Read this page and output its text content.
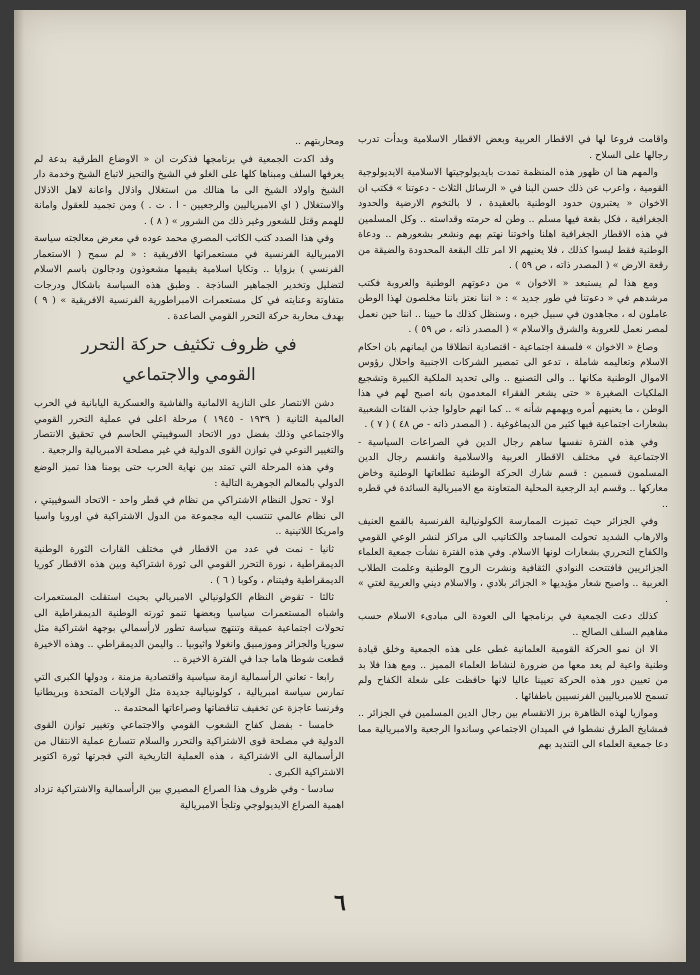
واقامت فروعا لها في الاقطار العربية وبعض الاقطار الاسلامية وبدأت تدرب رجالها على السلاح .

والمهم هنا ان ظهور هذه المنظمة تمدت بايديولوجيتها الاسلامية الايديولوجية القومية ، واعرب عن ذلك حسن البنا في « الرسائل الثلاث - دعوتنا » فكتب ان الاخوان « يعتبرون حدود الوطنية بالعقيدة ، لا بالتخوم الارضية والحدود الجغرافية ، فكل بقعة فيها مسلم .. وطن له حرمته وقداسته .. وكل المسلمين في هذه الاقطار الجغرافية اهلنا واخوتنا نهتم بهم ونشعر بشعورهم .. ودعاة الوطنية فقط ليسوا كذلك ، فلا يعنيهم الا امر تلك البقعة المحدودة والضيقة من رقعة الارض » ( المصدر ذاته ، ص ٥٩ ) .

ومع هذا لم يستبعد « الاخوان » من دعوتهم الوطنية والعروبة فكتب مرشدهم في « دعوتنا في طور جديد » : « اننا نعتز باننا مخلصون لهذا الوطن عاملون له ، مجاهدون في سبيل خيره ، وسنظل كذلك ما حيينا .. اننا حين نعمل لمصر نعمل للعروبة والشرق والاسلام » ( المصدر ذاته ، ص ٥٩ ) .

وصاغ « الاخوان » فلسفة اجتماعية - اقتصادية انطلاقا من ايمانهم بان احكام الاسلام وتعاليمه شاملة ، تدعو الى تمصير الشركات الاجنبية واحلال رؤوس الاموال الوطنية مكانها .. والى التصنيع .. والى تحديد الملكية الكبيرة وتشجيع الملكيات الصغيرة « حتى يشعر الفقراء المعدمون بانه اصبح لهم في هذا الوطن ، ما يعنيهم أمره ويهمهم شأنه » .. كما انهم حاولوا جذب الفئات الشعبية بشعارات اجتماعية فيها كثير من الديماغوغية . ( المصدر ذاته - ص ٤٨ ) ( ٧ ) .

وفي هذه الفترة نفسها ساهم رجال الدين في الصراعات السياسية - الاجتماعية في مختلف الاقطار العربية والاسلامية وانقسم رجال الدين المسلمون قسمين : قسم شارك الحركة الوطنية تطلعاتها الوطنية وخاض معاركها .. وقسم ايد الرجعية المحلية المتعاونة مع الامبريالية السائدة في قطره ..

وفي الجزائر حيث تميزت الممارسة الكولونيالية الفرنسية بالقمع العنيف والارهاب الشديد تحولت المساجد والكتاتيب الى مراكز لنشر الوعي القومي والكفاح التحرري بشعارات لونها الاسلام. وفي هذه الفترة نشأت جمعية العلماء الجزائريين فافتتحت النوادي الثقافية ونشرت الروح الوطنية وعلمت الطلاب العربية .. واصبح شعار مؤيديها « الجزائر بلادي ، والاسلام ديني والعربية لغتي » .

كذلك دعت الجمعية في برنامجها الى العودة الى مبادىء الاسلام حسب مفاهيم السلف الصالح ..

الا ان نمو الحركة القومية العلمانية غطى على هذه الجمعية وخلق قيادة وطنية واعية لم يعد معها من ضرورة لنشاط العلماء المميز .. ومع هذا فلا بد من تعيين دور هذه الحركة تعيينا عاليا لانها حافظت على شعلة الكفاح ولم تسمح للامبرياليين الفرنسيين باطفائها .

وموازيا لهذه الظاهرة برز الانقسام بين رجال الدين المسلمين في الجزائر .. فمشايخ الطرق نشطوا في الميدان الاجتماعي وساندوا الرجعية والامبريالية مما دعا جمعية العلماء الى التنديد بهم

ومحاربتهم ..

وقد اكدت الجمعية في برنامجها فذكرت ان « الاوضاع الطرقية بدعة لم يعرفها السلف ومبناها كلها على الغلو في الشيخ والتحيز لاتباع الشيخ وخدمة دار الشيخ واولاد الشيخ الى ما هنالك من استغلال واذلال واعانة لاهل الاذلال والاستغلال ( اي الامبرياليين والرجعيين - ا . ت . ) ومن تجميد للعقول وامانة للهمم وقتل للشعور وغير ذلك من الشرور » ( ٨ ) .

وفي هذا الصدد كتب الكاتب المصري محمد عوده في معرض معالجته سياسة الامبريالية الفرنسية في مستعمراتها الافريقية : « لم سمح ( الاستعمار الفرنسي ) بزوايا .. وتكايا اسلامية يقيمها مشعوذون ودجالون باسم الاسلام لتضليل وتخدير الجماهير الساذجة . وطبق هذه السياسة باشكال ودرجات متفاوتة وعنايته في كل مستعمرات الامبراطورية الفرنسية الافريقية » ( ٩ ) بهدف محاربة حركة التحرر القومي الصاعدة .

في ظروف تكثيف حركة التحرر
القومي والاجتماعي

دشن الانتصار على النازية الالمانية والفاشية والعسكرية اليابانية في الحرب العالمية الثانية ( ١٩٣٩ - ١٩٤٥ ) مرحلة اعلى في عملية التحرر القومي والاجتماعي وذلك بفضل دور الاتحاد السوفييتي الحاسم في تحقيق الانتصار والتغيير النوعي في توازن القوى الدولية في غير مصلحة الامبريالية والرجعية .

وفي هذه المرحلة التي تمتد بين نهاية الحرب حتى يومنا هذا تميز الوضع الدولي بالمعالم الجوهرية التالية :

اولا - تحول النظام الاشتراكي من نظام في قطر واحد - الاتحاد السوفييتي ، الى نظام عالمي تنتسب اليه مجموعة من الدول الاشتراكية في اوروبا واسيا وامريكا اللاتينية ..

ثانيا - نمت في عدد من الاقطار في مختلف القارات الثورة الوطنية الديمقراطية ، نورة التحرر القومي الى ثورة اشتراكية وبين هذه الاقطار كوريا الديمقراطية وفيتنام ، وكوبا ( ٦ ) .

ثالثا - تقوض النظام الكولونيالي الامبريالي بحيث استقلت المستعمرات واشباه المستعمرات سياسيا وبعضها تنمو ثورته الوطنية الديمقراطية الى تحولات اجتماعية عميقة وتنتهج سياسة تطور لارأسمالي بوجهة اشتراكية مثل سوريا والجزائر وموزمبيق وانغولا واثيوبيا .. واليمن الديمقراطي .. وهذه الاخيرة قطعت شوطا هاما جدا في الفترة الاخيرة ..

رابعا - تعاني الرأسمالية ازمة سياسية واقتصادية مزمنة ، ودولها الكبرى التي تمارس سياسة امبريالية ، كولونيالية جديدة مثل الولايات المتحدة وبريطانيا وفرنسا عاجزة عن تخفيف تناقضاتها وصراعاتها المحتدمة ..

خامسا - بفضل كفاح الشعوب القومي والاجتماعي وتغيير توازن القوى الدولية في مصلحة قوى الاشتراكية والتحرر والسلام تتسارع عملية الانتقال من الرأسمالية الى الاشتراكية ، هذه العملية التاريخية التي فجرتها ثورة اكتوبر الاشتراكية الكبرى .

سادسا - وفي ظروف هذا الصراع المصيري بين الرأسمالية والاشتراكية تزداد اهمية الصراع الايديولوجي وتلجأ الامبريالية

٦
